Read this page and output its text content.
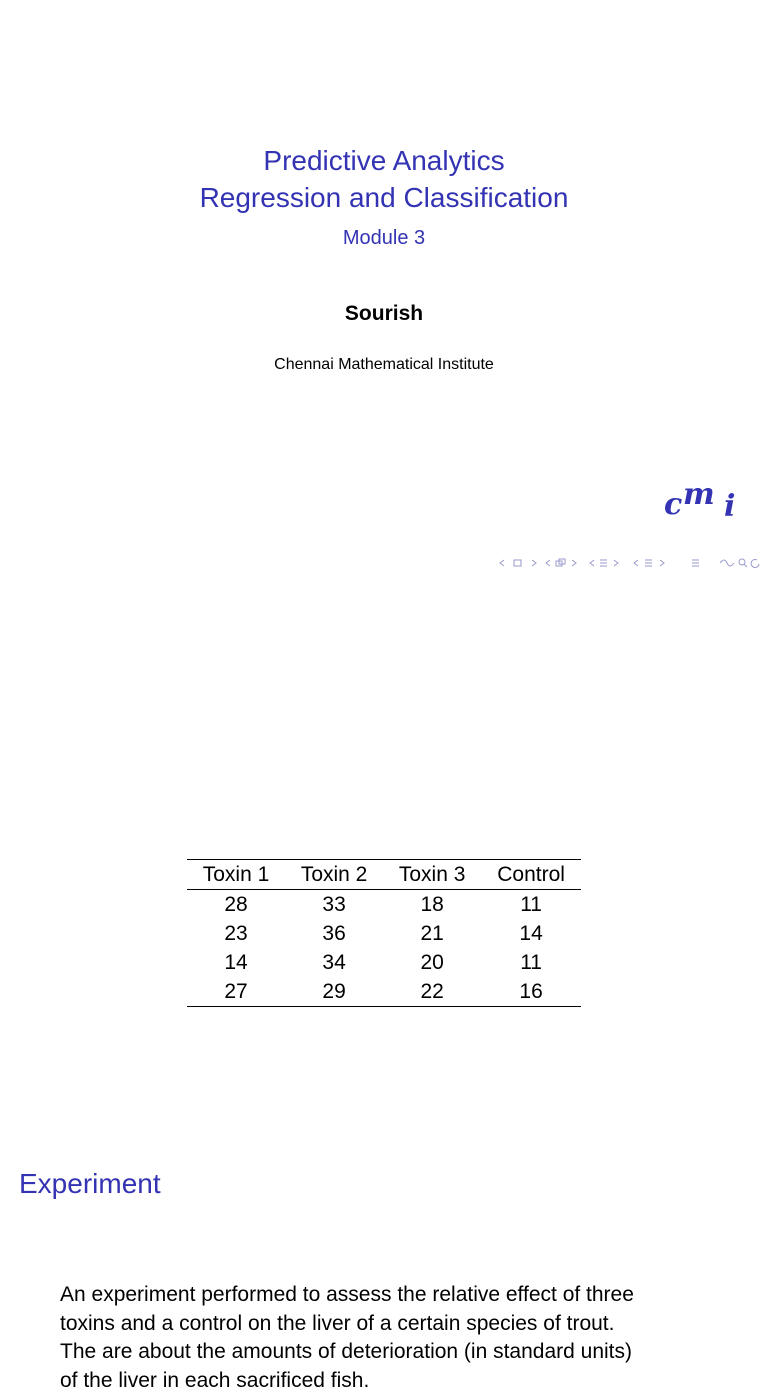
Predictive Analytics
Regression and Classification
Module 3
Sourish
Chennai Mathematical Institute
c m i
Experiment
An experiment performed to assess the relative effect of three
toxins and a control on the liver of a certain species of trout.
The are about the amounts of deterioration (in standard units)
of the liver in each sacrificed fish.
Toxin 1	Toxin 2	Toxin 3	Control
28	33	18	11
23	36	21	14
14	34	20	11
27	29	22	16
